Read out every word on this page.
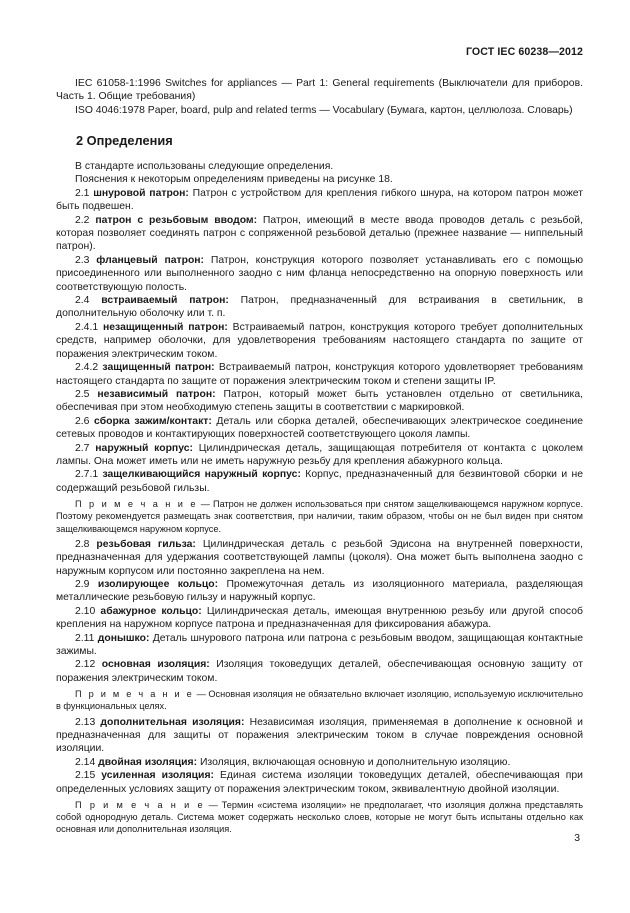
ГОСТ IEC 60238—2012

IEC 61058-1:1996 Switches for appliances — Part 1: General requirements (Выключатели для приборов. Часть 1. Общие требования)

ISO 4046:1978 Paper, board, pulp and related terms — Vocabulary (Бумага, картон, целлюлоза. Словарь)

2 Определения

В стандарте использованы следующие определения.

Пояснения к некоторым определениям приведены на рисунке 18.

2.1 шнуровой патрон: Патрон с устройством для крепления гибкого шнура, на котором патрон может быть подвешен.

2.2 патрон с резьбовым вводом: Патрон, имеющий в месте ввода проводов деталь с резьбой, которая позволяет соединять патрон с сопряженной резьбовой деталью (прежнее название — ниппельный патрон).

2.3 фланцевый патрон: Патрон, конструкция которого позволяет устанавливать его с помощью присоединенного или выполненного заодно с ним фланца непосредственно на опорную поверхность или соответствующую полость.

2.4 встраиваемый патрон: Патрон, предназначенный для встраивания в светильник, в дополнительную оболочку или т. п.

2.4.1 незащищенный патрон: Встраиваемый патрон, конструкция которого требует дополнительных средств, например оболочки, для удовлетворения требованиям настоящего стандарта по защите от поражения электрическим током.

2.4.2 защищенный патрон: Встраиваемый патрон, конструкция которого удовлетворяет требованиям настоящего стандарта по защите от поражения электрическим током и степени защиты IP.

2.5 независимый патрон: Патрон, который может быть установлен отдельно от светильника, обеспечивая при этом необходимую степень защиты в соответствии с маркировкой.

2.6 сборка зажим/контакт: Деталь или сборка деталей, обеспечивающих электрическое соединение сетевых проводов и контактирующих поверхностей соответствующего цоколя лампы.

2.7 наружный корпус: Цилиндрическая деталь, защищающая потребителя от контакта с цоколем лампы. Она может иметь или не иметь наружную резьбу для крепления абажурного кольца.

2.7.1 защелкивающийся наружный корпус: Корпус, предназначенный для безвинтовой сборки и не содержащий резьбовой гильзы.

П р и м е ч а н и е — Патрон не должен использоваться при снятом защелкивающемся наружном корпусе. Поэтому рекомендуется размещать знак соответствия, при наличии, таким образом, чтобы он не был виден при снятом защелкивающемся наружном корпусе.

2.8 резьбовая гильза: Цилиндрическая деталь с резьбой Эдисона на внутренней поверхности, предназначенная для удержания соответствующей лампы (цоколя). Она может быть выполнена заодно с наружным корпусом или постоянно закреплена на нем.

2.9 изолирующее кольцо: Промежуточная деталь из изоляционного материала, разделяющая металлические резьбовую гильзу и наружный корпус.

2.10 абажурное кольцо: Цилиндрическая деталь, имеющая внутреннюю резьбу или другой способ крепления на наружном корпусе патрона и предназначенная для фиксирования абажура.

2.11 донышко: Деталь шнурового патрона или патрона с резьбовым вводом, защищающая контактные зажимы.

2.12 основная изоляция: Изоляция токоведущих деталей, обеспечивающая основную защиту от поражения электрическим током.

П р и м е ч а н и е — Основная изоляция не обязательно включает изоляцию, используемую исключительно в функциональных целях.

2.13 дополнительная изоляция: Независимая изоляция, применяемая в дополнение к основной и предназначенная для защиты от поражения электрическим током в случае повреждения основной изоляции.

2.14 двойная изоляция: Изоляция, включающая основную и дополнительную изоляцию.

2.15 усиленная изоляция: Единая система изоляции токоведущих деталей, обеспечивающая при определенных условиях защиту от поражения электрическим током, эквивалентную двойной изоляции.

П р и м е ч а н и е — Термин «система изоляции» не предполагает, что изоляция должна представлять собой однородную деталь. Система может содержать несколько слоев, которые не могут быть испытаны отдельно как основная или дополнительная изоляция.

3
